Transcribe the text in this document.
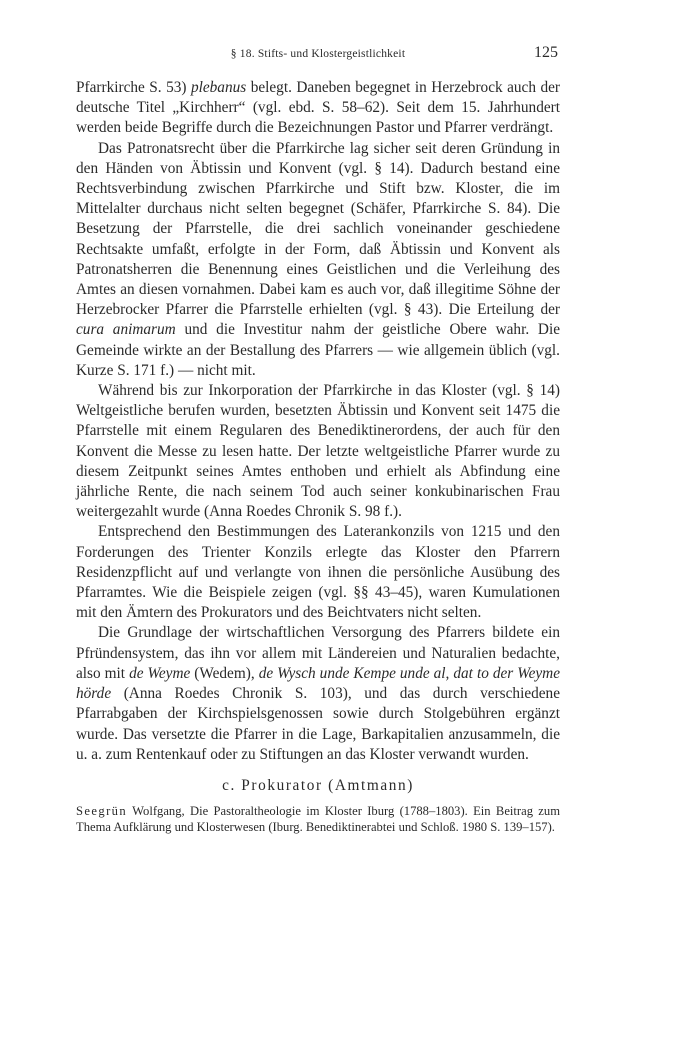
§ 18. Stifts- und Klostergeistlichkeit	125

Pfarrkirche S. 53) plebanus belegt. Daneben begegnet in Herzebrock auch der deutsche Titel „Kirchherr“ (vgl. ebd. S. 58–62). Seit dem 15. Jahrhundert werden beide Begriffe durch die Bezeichnungen Pastor und Pfarrer verdrängt.

Das Patronatsrecht über die Pfarrkirche lag sicher seit deren Gründung in den Händen von Äbtissin und Konvent (vgl. § 14). Dadurch bestand eine Rechtsverbindung zwischen Pfarrkirche und Stift bzw. Kloster, die im Mittelalter durchaus nicht selten begegnet (Schäfer, Pfarrkirche S. 84). Die Besetzung der Pfarrstelle, die drei sachlich voneinander geschiedene Rechtsakte umfaßt, erfolgte in der Form, daß Äbtissin und Konvent als Patronatsherren die Benennung eines Geistlichen und die Verleihung des Amtes an diesen vornahmen. Dabei kam es auch vor, daß illegitime Söhne der Herzebrocker Pfarrer die Pfarrstelle erhielten (vgl. § 43). Die Erteilung der cura animarum und die Investitur nahm der geistliche Obere wahr. Die Gemeinde wirkte an der Bestallung des Pfarrers — wie allgemein üblich (vgl. Kurze S. 171 f.) — nicht mit.

Während bis zur Inkorporation der Pfarrkirche in das Kloster (vgl. § 14) Weltgeistliche berufen wurden, besetzten Äbtissin und Konvent seit 1475 die Pfarrstelle mit einem Regularen des Benediktinerordens, der auch für den Konvent die Messe zu lesen hatte. Der letzte weltgeistliche Pfarrer wurde zu diesem Zeitpunkt seines Amtes enthoben und erhielt als Abfindung eine jährliche Rente, die nach seinem Tod auch seiner konkubinarischen Frau weitergezahlt wurde (Anna Roedes Chronik S. 98 f.).

Entsprechend den Bestimmungen des Laterankonzils von 1215 und den Forderungen des Trienter Konzils erlegte das Kloster den Pfarrern Residenzpflicht auf und verlangte von ihnen die persönliche Ausübung des Pfarramtes. Wie die Beispiele zeigen (vgl. §§ 43–45), waren Kumulationen mit den Ämtern des Prokurators und des Beichtvaters nicht selten.

Die Grundlage der wirtschaftlichen Versorgung des Pfarrers bildete ein Pfründensystem, das ihn vor allem mit Ländereien und Naturalien bedachte, also mit de Weyme (Wedem), de Wysch unde Kempe unde al, dat to der Weyme hörde (Anna Roedes Chronik S. 103), und das durch verschiedene Pfarrabgaben der Kirchspielsgenossen sowie durch Stolgebühren ergänzt wurde. Das versetzte die Pfarrer in die Lage, Barkapitalien anzusammeln, die u. a. zum Rentenkauf oder zu Stiftungen an das Kloster verwandt wurden.

c. Prokurator (Amtmann)
Seegrün Wolfgang, Die Pastoraltheologie im Kloster Iburg (1788–1803). Ein Beitrag zum Thema Aufklärung und Klosterwesen (Iburg. Benediktinerabtei und Schloß. 1980 S. 139–157).
